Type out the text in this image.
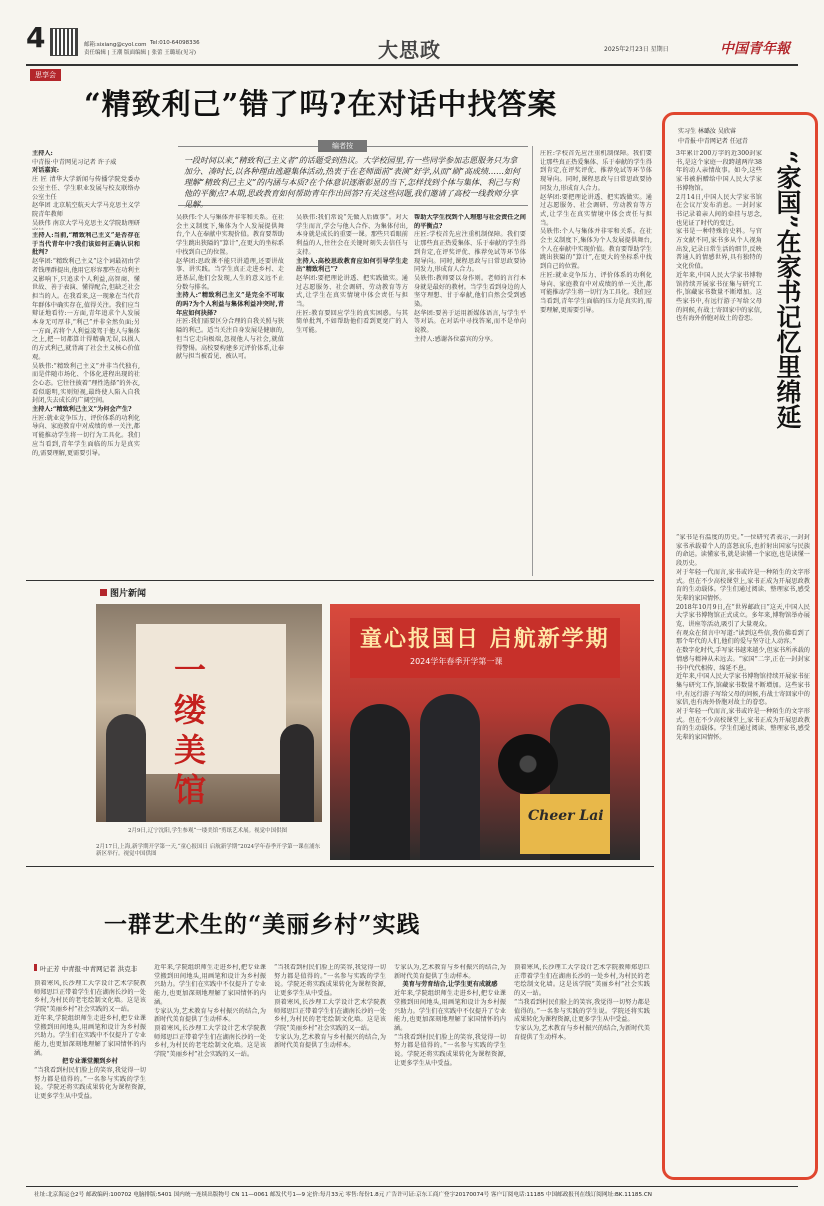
4	邮箱:sixiang@cyol.com Tel:010-64098336
责任编辑 | 王潮 版面编辑 | 张蕾 王璐瑶(见习)	大思政	2025年2月23日 星期日	中国青年報
思享会
“精致利己”错了吗?在对话中找答案
主持人:
中青报·中青网见习记者 许子威
对话嘉宾:
庄 匠 清华大学新闻与传播学院党委办公室主任、学生职业发展与校友联络办公室主任
赵华团 北京航空航天大学马克思主义学院青年教师
吴轶伟 南京大学马克思主义学院助理研
编者按
一段时间以来,“精致利己主义者”的话题受到热议。大学校园里,有一些同学参加志愿服务只为拿加分、凑时长,以各种理由逃避集体活动,热衷于在老师面前“表演”好学,从而“刷”高成绩……如何理解“精致利己主义”的内涵与本质?在个体意识逐渐彰显的当下,怎样找到个体与集体、利己与利他的平衡点?本期,思政教育如何帮助青年作出回答?有关这些问题,我们邀请了高校一线教师分享见解。
主持人:当前,“精致利己主义”是否存在于当代青年中?我们该如何正确认识和批判?
赵华团:“精致利己主义”这个词最初由学者钱理群提出,他用它形容那些在功利主义影响下,只追求个人利益,高智商、懂世故、善于表演、懂得配合,但缺乏社会担当的人。在我看来,这一现象在当代青年群体中确实存在,值得关注。我们应当辩证地看待:一方面,青年追求个人发展本身无可厚非,“利己”并非全然负面;另一方面,若将个人利益凌驾于他人与集体之上,把一切都算计得精确无误,以损人的方式利己,就背离了社会主义核心价值观。
吴轶伟:“精致利己主义”并非当代独有,而是伴随市场化、个体化进程出现的社会心态。它往往披着“理性选择”的外衣,看似聪明,实则短视,最终使人陷入自我封闭,失去成长的广阔空间。
主持人:“精致利己主义”为何会产生?
庄匠:就业竞争压力、评价体系的功利化导向、家庭教育中对成绩的单一关注,都可能推动学生将一切行为工具化。我们应当看到,青年学生面临的压力是真实的,需要理解,更需要引导。
吴轶伟:个人与集体并非零和关系。在社会主义制度下,集体为个人发展提供舞台,个人在奉献中实现价值。教育要帮助学生跳出狭隘的“算计”,在更大的坐标系中找到自己的位置。
赵华团:思政课不能只讲道理,还要讲故事、讲实践。当学生真正走进乡村、走进基层,他们会发现,人生的意义远不止分数与排名。
主持人:“精致利己主义”是完全不可取的吗?为个人利益与集体利益冲突时,青年应如何抉择?
庄匠:我们需要区分合理的自我关照与狭隘的利己。适当关注自身发展是健康的,但当它走向极端,忽视他人与社会,就值得警惕。高校要构建多元评价体系,让奉献与担当被看见、被认可。
吴轶伟:我们常说“先做人后做事”。对大学生而言,学会与他人合作、为集体付出,本身就是成长的重要一课。那些只看眼前利益的人,往往会在关键时刻失去信任与支持。
主持人:高校思政教育应如何引导学生走出“精致利己”?
赵华团:要把理论讲透、把实践做实。通过志愿服务、社会调研、劳动教育等方式,让学生在真实情境中体会责任与担当。
庄匠:教育要回应学生的真实困惑。与其简单批判,不如帮助他们看到更宽广的人生可能。
帮助大学生找到个人理想与社会责任之间的平衡点?
庄匠:学校首先应注重机制保障。我们要让那些真正热爱集体、乐于奉献的学生得到肯定,在评奖评优、推荐免试等环节体现导向。同时,课程思政与日常思政要协同发力,形成育人合力。
吴轶伟:教师要以身作则。老师的言行本身就是最好的教材。当学生看到身边的人坚守理想、甘于奉献,他们自然会受到感染。
赵华团:要善于运用新媒体语言,与学生平等对话。在对话中寻找答案,而不是单向说教。
主持人:感谢各位嘉宾的分享。
庄匠:学校首先应注重机制保障。我们要让那些真正热爱集体、乐于奉献的学生得到肯定,在评奖评优、推荐免试等环节体现导向。同时,课程思政与日常思政要协同发力,形成育人合力。
赵华团:要把理论讲透、把实践做实。通过志愿服务、社会调研、劳动教育等方式,让学生在真实情境中体会责任与担当。
吴轶伟:个人与集体并非零和关系。在社会主义制度下,集体为个人发展提供舞台,个人在奉献中实现价值。教育要帮助学生跳出狭隘的“算计”,在更大的坐标系中找到自己的位置。
庄匠:就业竞争压力、评价体系的功利化导向、家庭教育中对成绩的单一关注,都可能推动学生将一切行为工具化。我们应当看到,青年学生面临的压力是真实的,需要理解,更需要引导。
图片新闻
一缕美馆
2月9日,辽宁沈阳,学生参观“一缕美馆”剪纸艺术展。视觉中国供图
童心报国日 启航新学期
2024学年春季开学第一课
Cheer Lai
2月17日,上海,新学期开学第一天,“童心报国日 启航新学期”2024学年春季开学第一课在浦东新区举行。视觉中国供图
一群艺术生的“美丽乡村”实践
叶正芳 中青报·中青网记者 洪克非
顶着寒风,长沙理工大学设计艺术学院教师郑思巨正带着学生们在湖南长沙的一处乡村,为村民的老宅绘制文化墙。这是该学院“美丽乡村”社会实践的又一站。
近年来,学院组织师生走进乡村,把专业课堂搬到田间地头,用画笔和设计为乡村振兴助力。学生们在实践中不仅提升了专业能力,也更加深刻地理解了家国情怀的内涵。

把专业课堂搬到乡村
“当我看到村民们脸上的笑容,我觉得一切努力都是值得的。”一名参与实践的学生说。学院还将实践成果转化为课程资源,让更多学生从中受益。
近年来,学院组织师生走进乡村,把专业课堂搬到田间地头,用画笔和设计为乡村振兴助力。学生们在实践中不仅提升了专业能力,也更加深刻地理解了家国情怀的内涵。
专家认为,艺术教育与乡村振兴的结合,为新时代美育提供了生动样本。
顶着寒风,长沙理工大学设计艺术学院教师郑思巨正带着学生们在湖南长沙的一处乡村,为村民的老宅绘制文化墙。这是该学院“美丽乡村”社会实践的又一站。
“当我看到村民们脸上的笑容,我觉得一切努力都是值得的。”一名参与实践的学生说。学院还将实践成果转化为课程资源,让更多学生从中受益。
顶着寒风,长沙理工大学设计艺术学院教师郑思巨正带着学生们在湖南长沙的一处乡村,为村民的老宅绘制文化墙。这是该学院“美丽乡村”社会实践的又一站。
专家认为,艺术教育与乡村振兴的结合,为新时代美育提供了生动样本。
专家认为,艺术教育与乡村振兴的结合,为新时代美育提供了生动样本。

美育与劳育结合,让学生更有成就感
近年来,学院组织师生走进乡村,把专业课堂搬到田间地头,用画笔和设计为乡村振兴助力。学生们在实践中不仅提升了专业能力,也更加深刻地理解了家国情怀的内涵。
“当我看到村民们脸上的笑容,我觉得一切努力都是值得的。”一名参与实践的学生说。学院还将实践成果转化为课程资源,让更多学生从中受益。
顶着寒风,长沙理工大学设计艺术学院教师郑思巨正带着学生们在湖南长沙的一处乡村,为村民的老宅绘制文化墙。这是该学院“美丽乡村”社会实践的又一站。
“当我看到村民们脸上的笑容,我觉得一切努力都是值得的。”一名参与实践的学生说。学院还将实践成果转化为课程资源,让更多学生从中受益。
专家认为,艺术教育与乡村振兴的结合,为新时代美育提供了生动样本。
实习生 林璐汝 吴欣睿
中青报·中青网记者 任冠青
“家国”在家书记忆里绵延
3年累计200万字的近300封家书,是这个家庭一段跨越两岸38年的动人亲情故事。如今,这些家书被捐赠给中国人民大学家书博物馆。
2月14日,中国人民大学家书馆在会议厅发布消息。一封封家书记录着亲人间的牵挂与思念,也见证了时代的变迁。
家书是一种特殊的史料。与官方文献不同,家书多从个人视角出发,记录日常生活的细节,反映普通人的情感世界,具有独特的文化价值。
近年来,中国人民大学家书博物馆持续开展家书征集与研究工作,馆藏家书数量不断增加。这些家书中,有远行游子写给父母的问候,有战士寄回家中的家信,也有海外侨胞对故土的眷恋。
“家书是有温度的历史。”一位研究者表示,一封封家书承载着个人的喜怒哀乐,也折射出国家与民族的命运。读懂家书,就是读懂一个家庭,也是读懂一段历史。
对于年轻一代而言,家书或许是一种陌生的文字形式。但在不少高校课堂上,家书正成为开展思政教育的生动载体。学生们通过阅读、整理家书,感受先辈的家国情怀。
2018年10月9日,在“世界邮政日”这天,中国人民大学家书博物馆正式成立。多年来,博物馆举办展览、讲座等活动,吸引了大量观众。
有观众在留言中写道:“读到这些信,我仿佛看到了那个年代的人们,他们的爱与坚守让人动容。”
在数字化时代,手写家书越来越少,但家书所承载的情感与精神从未远去。“家国”二字,正在一封封家书中代代相传、绵延不息。
近年来,中国人民大学家书博物馆持续开展家书征集与研究工作,馆藏家书数量不断增加。这些家书中,有远行游子写给父母的问候,有战士寄回家中的家信,也有海外侨胞对故土的眷恋。
对于年轻一代而言,家书或许是一种陌生的文字形式。但在不少高校课堂上,家书正成为开展思政教育的生动载体。学生们通过阅读、整理家书,感受先辈的家国情怀。
社址:北京海运仓2号 邮政编码:100702 电脑排版:5401 国内统一连续出版物号 CN 11—0061 邮发代号1—9 定价:每月33元 零售:每份1.8元 广告许可证:京东工商广登字20170074号 客户订阅电话:11185 中国邮政报刊在线订阅网址:BK.11185.CN
